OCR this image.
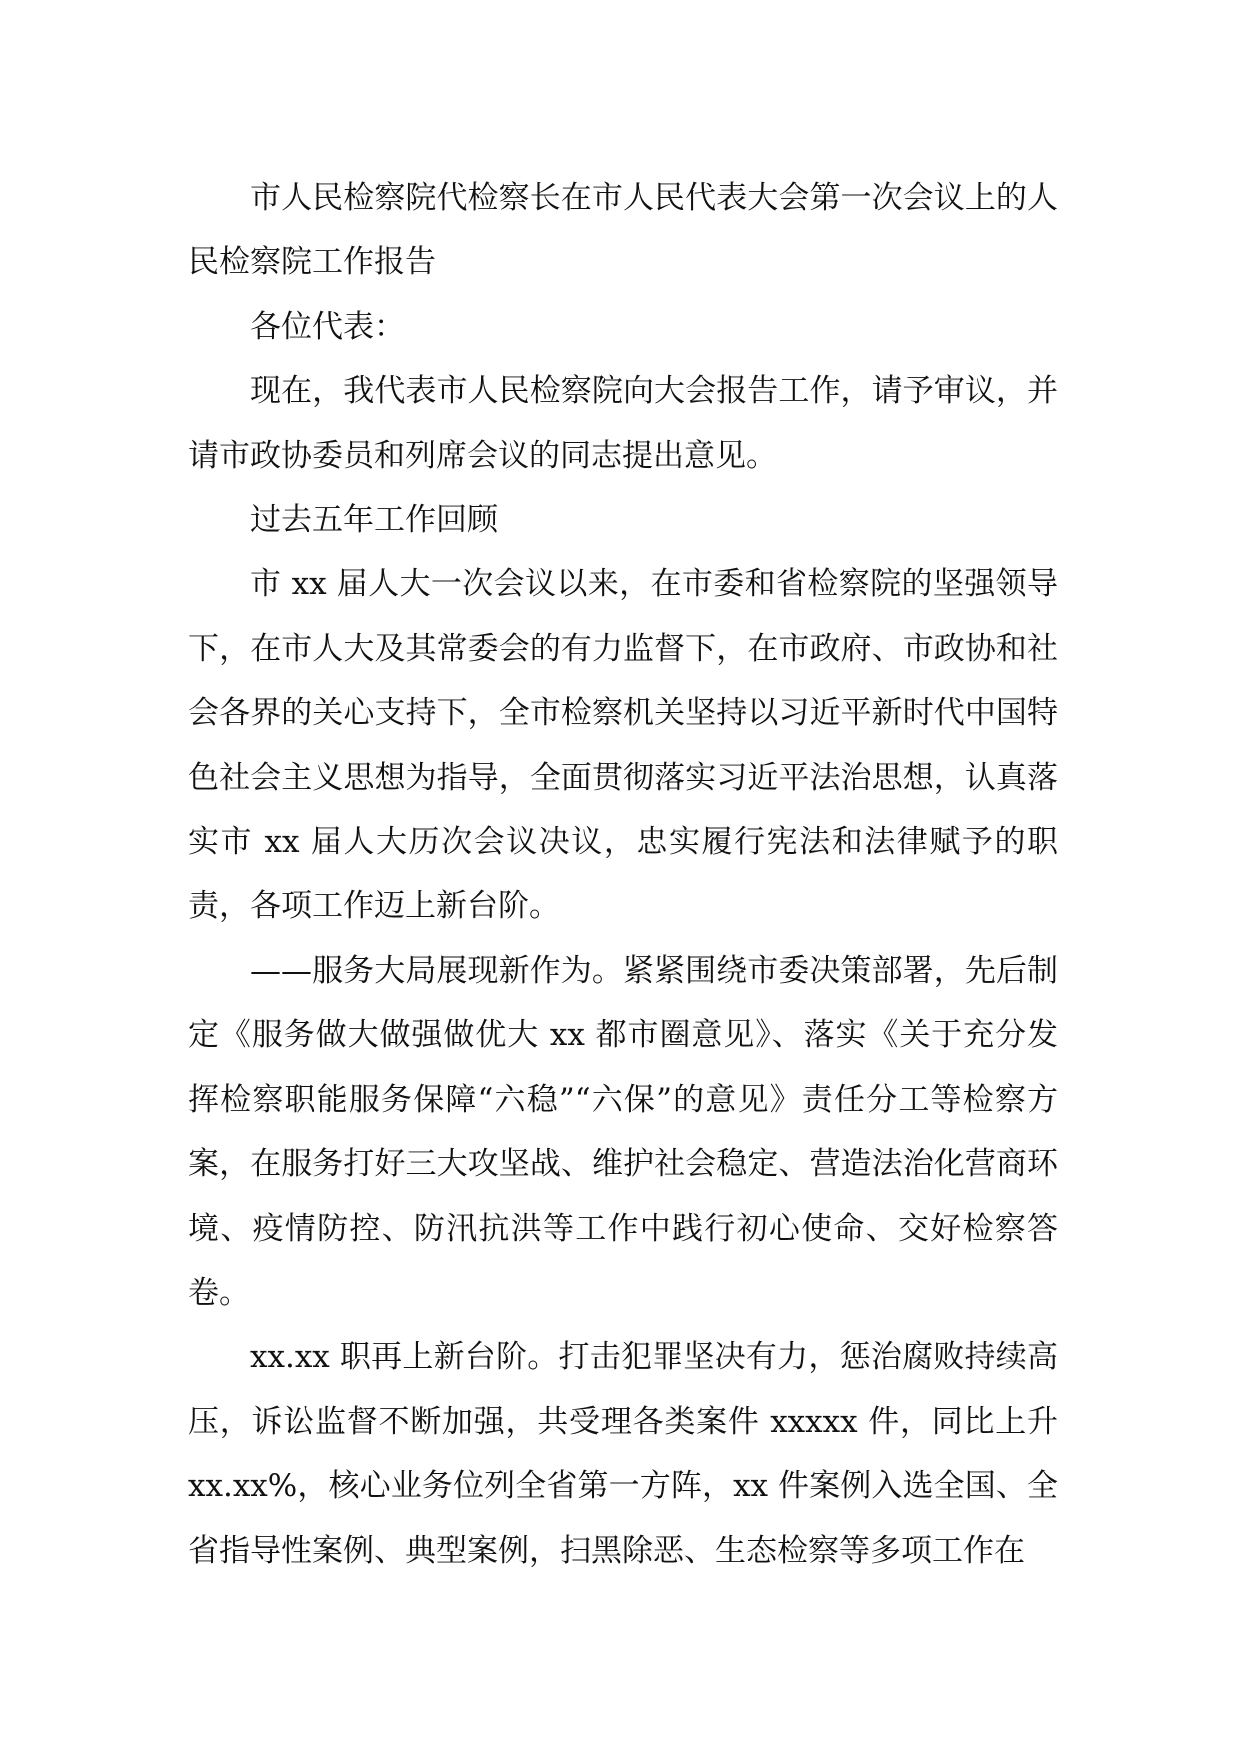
市人民检察院代检察长在市人民代表大会第一次会议上的人民检察院工作报告

各位代表：

现在，我代表市人民检察院向大会报告工作，请予审议，并请市政协委员和列席会议的同志提出意见。

过去五年工作回顾

市 xx 届人大一次会议以来，在市委和省检察院的坚强领导下，在市人大及其常委会的有力监督下，在市政府、市政协和社会各界的关心支持下，全市检察机关坚持以习近平新时代中国特色社会主义思想为指导，全面贯彻落实习近平法治思想，认真落实市 xx 届人大历次会议决议，忠实履行宪法和法律赋予的职责，各项工作迈上新台阶。

——服务大局展现新作为。紧紧围绕市委决策部署，先后制定《服务做大做强做优大 xx 都市圈意见》、落实《关于充分发挥检察职能服务保障“六稳”“六保”的意见》责任分工等检察方案，在服务打好三大攻坚战、维护社会稳定、营造法治化营商环境、疫情防控、防汛抗洪等工作中践行初心使命、交好检察答卷。

xx.xx 职再上新台阶。打击犯罪坚决有力，惩治腐败持续高压，诉讼监督不断加强，共受理各类案件 xxxxx 件，同比上升 xx.xx%，核心业务位列全省第一方阵，xx 件案例入选全国、全省指导性案例、典型案例，扫黑除恶、生态检察等多项工作在
